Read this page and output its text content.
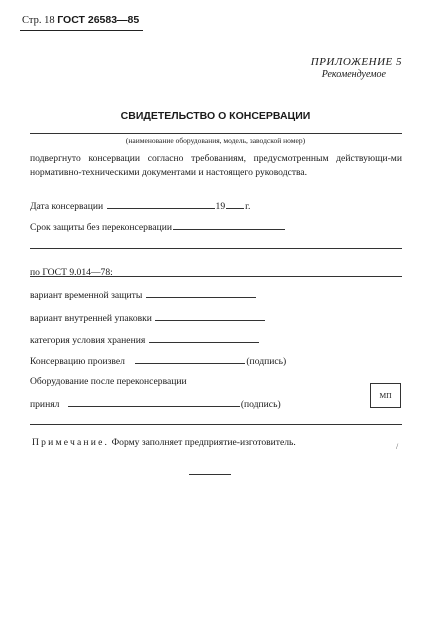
Стр. 18 ГОСТ 26583—85
ПРИЛОЖЕНИЕ 5
Рекомендуемое
СВИДЕТЕЛЬСТВО О КОНСЕРВАЦИИ
(наименование оборудования, модель, заводской номер)
подвергнуто консервации согласно требованиям, предусмотренным действующи-ми нормативно-техническими документами и настоящего руководства.
Дата консервации	19 г.
Срок защиты без переконсервации
по ГОСТ 9.014—78:
вариант временной защиты
вариант внутренней упаковки
категория условия хранения
Консервацию произвел	(подпись)
МП
Оборудование после переконсервации
принял	(подпись)
Примечание. Форму заполняет предприятие-изготовитель.	/
